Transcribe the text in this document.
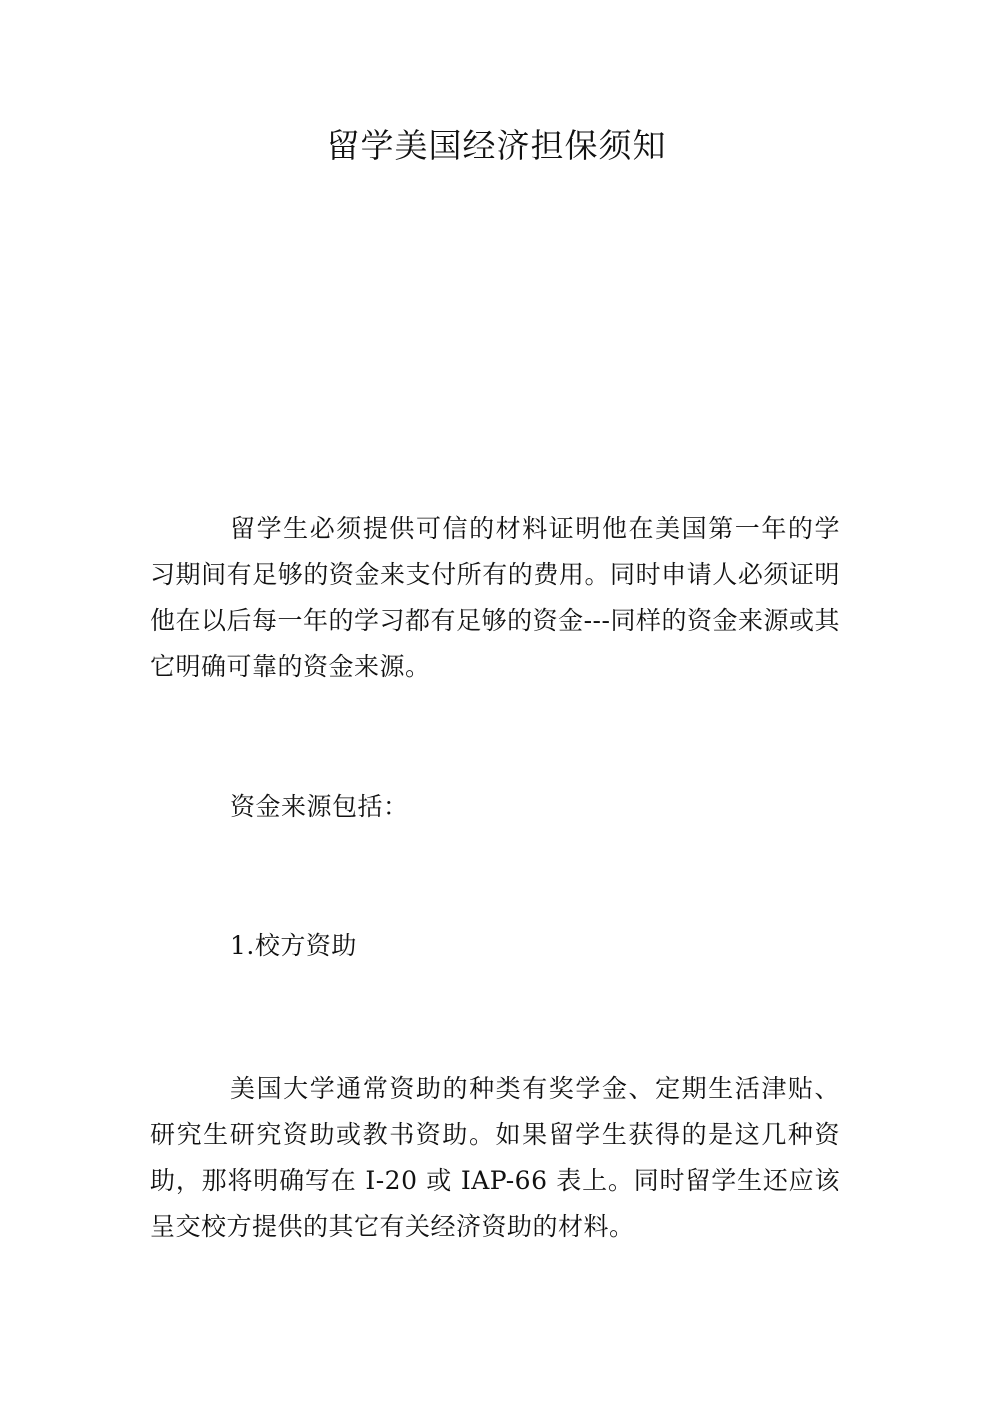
留学美国经济担保须知

留学生必须提供可信的材料证明他在美国第一年的学习期间有足够的资金来支付所有的费用。同时申请人必须证明他在以后每一年的学习都有足够的资金---同样的资金来源或其它明确可靠的资金来源。

资金来源包括：

1.校方资助

美国大学通常资助的种类有奖学金、定期生活津贴、研究生研究资助或教书资助。如果留学生获得的是这几种资助，那将明确写在 I-20 或 IAP-66 表上。同时留学生还应该呈交校方提供的其它有关经济资助的材料。
